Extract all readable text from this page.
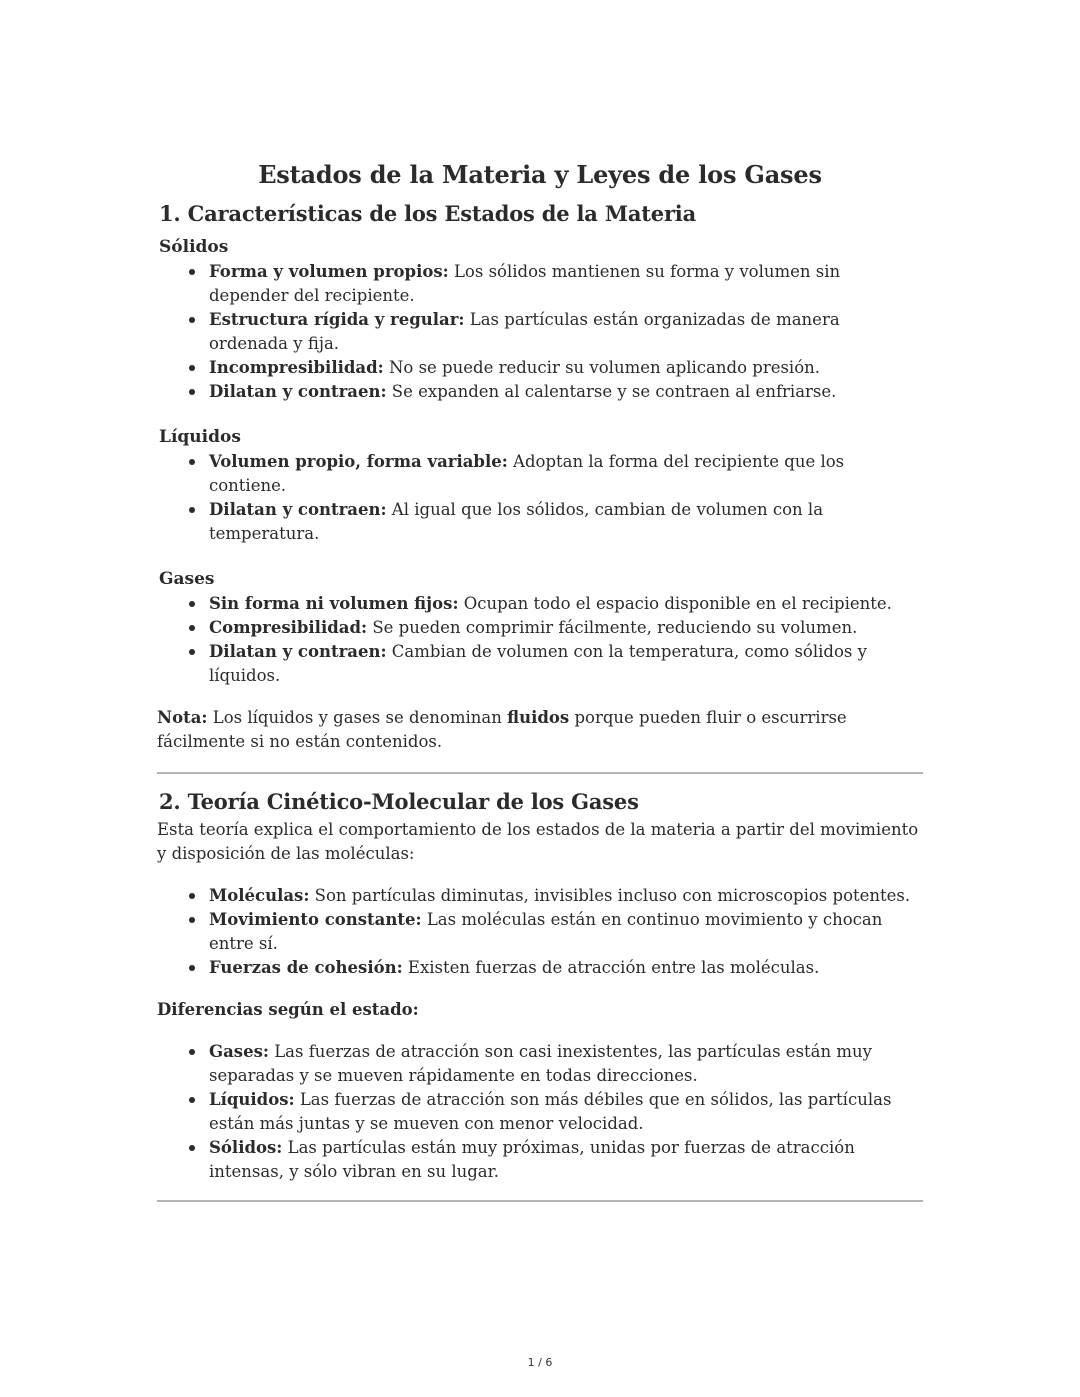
Estados de la Materia y Leyes de los Gases
1. Características de los Estados de la Materia
Sólidos
Forma y volumen propios: Los sólidos mantienen su forma y volumen sin depender del recipiente.
Estructura rígida y regular: Las partículas están organizadas de manera ordenada y fija.
Incompresibilidad: No se puede reducir su volumen aplicando presión.
Dilatan y contraen: Se expanden al calentarse y se contraen al enfriarse.
Líquidos
Volumen propio, forma variable: Adoptan la forma del recipiente que los contiene.
Dilatan y contraen: Al igual que los sólidos, cambian de volumen con la temperatura.
Gases
Sin forma ni volumen fijos: Ocupan todo el espacio disponible en el recipiente.
Compresibilidad: Se pueden comprimir fácilmente, reduciendo su volumen.
Dilatan y contraen: Cambian de volumen con la temperatura, como sólidos y líquidos.

Nota: Los líquidos y gases se denominan fluidos porque pueden fluir o escurrirse fácilmente si no están contenidos.

2. Teoría Cinético-Molecular de los Gases

Esta teoría explica el comportamiento de los estados de la materia a partir del movimiento y disposición de las moléculas:

Moléculas: Son partículas diminutas, invisibles incluso con microscopios potentes.
Movimiento constante: Las moléculas están en continuo movimiento y chocan entre sí.
Fuerzas de cohesión: Existen fuerzas de atracción entre las moléculas.

Diferencias según el estado:

Gases: Las fuerzas de atracción son casi inexistentes, las partículas están muy separadas y se mueven rápidamente en todas direcciones.
Líquidos: Las fuerzas de atracción son más débiles que en sólidos, las partículas están más juntas y se mueven con menor velocidad.
Sólidos: Las partículas están muy próximas, unidas por fuerzas de atracción intensas, y sólo vibran en su lugar.
1 / 6
